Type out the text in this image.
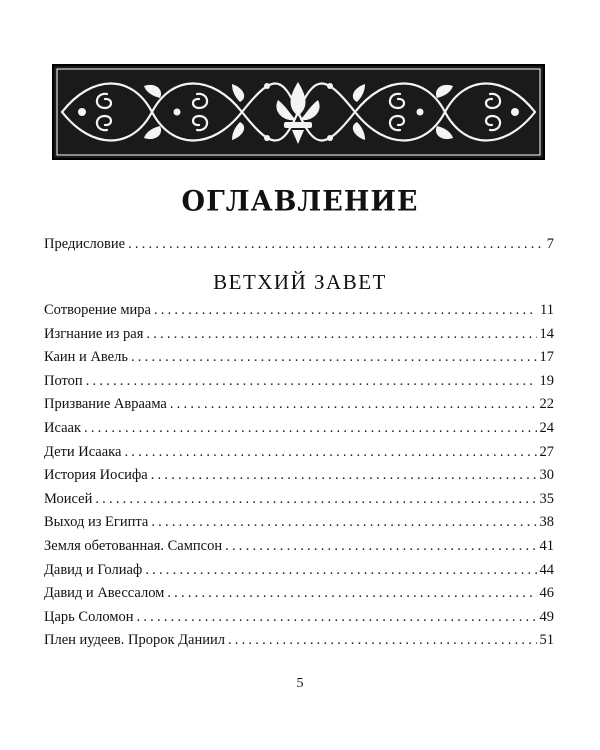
ОГЛАВЛЕНИЕ
Предисловие .....	7
ВЕТХИЙ ЗАВЕТ
Сотворение мира .....	11
Изгнание из рая .....	14
Каин и Авель .....	17
Потоп .....	19
Призвание Авраама .....	22
Исаак .....	24
Дети Исаака .....	27
История Иосифа .....	30
Моисей .....	35
Выход из Египта .....	38
Земля обетованная. Сампсон .....	41
Давид и Голиаф .....	44
Давид и Авессалом .....	46
Царь Соломон .....	49
Плен иудеев. Пророк Даниил .....	51
5
